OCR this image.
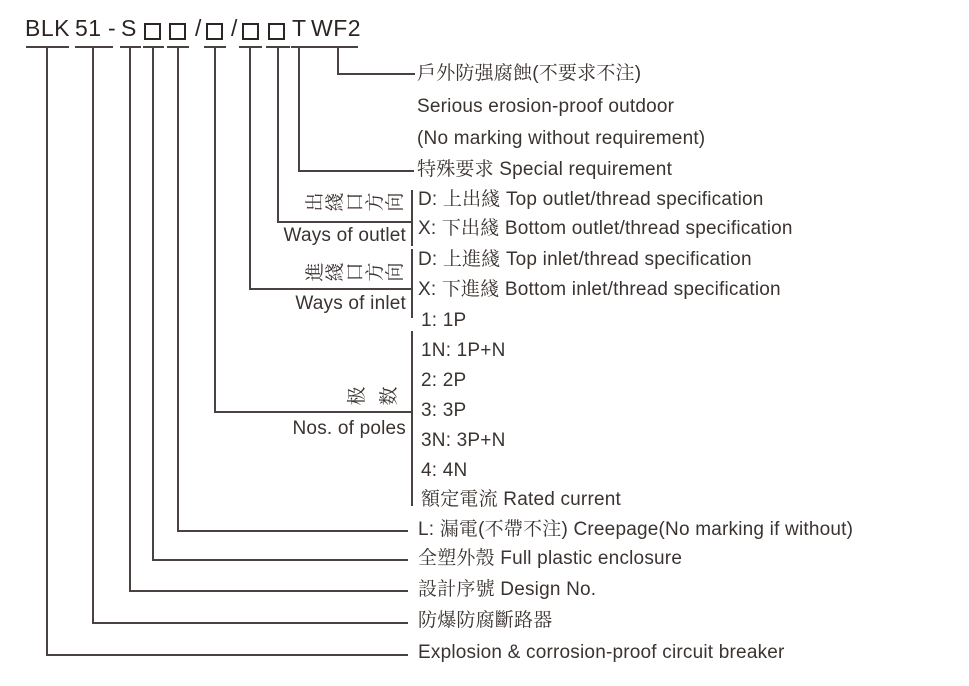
BLK 51 - S	/ / T WF2
出綫口方向
Ways of outlet
進綫口方向
Ways of inlet
极 数
Nos. of poles
戶外防强腐蝕(不要求不注)
Serious erosion-proof outdoor
(No marking without requirement)
特殊要求 Special requirement
D: 上出綫 Top outlet/thread specification
X: 下出綫 Bottom outlet/thread specification
D: 上進綫 Top inlet/thread specification
X: 下進綫 Bottom inlet/thread specification
1: 1P
1N: 1P+N
2: 2P
3: 3P
3N: 3P+N
4: 4N
額定電流 Rated current
L: 漏電(不帶不注) Creepage(No marking if without)
全塑外殼 Full plastic enclosure
設計序號 Design No.
防爆防腐斷路器
Explosion & corrosion-proof circuit breaker
